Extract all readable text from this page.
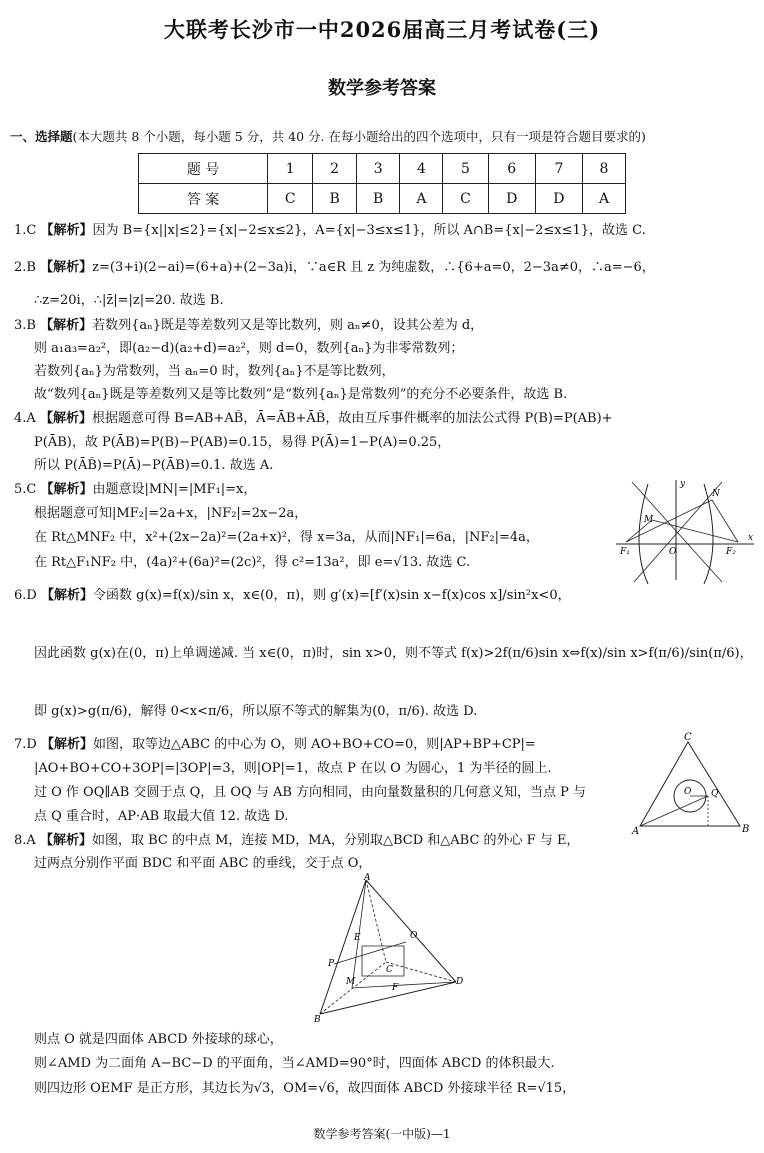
大联考长沙市一中2026届高三月考试卷(三)
数学参考答案
一、选择题(本大题共 8 个小题，每小题 5 分，共 40 分. 在每小题给出的四个选项中，只有一项是符合题目要求的)
题 号	1	2	3	4	5	6	7	8
答 案	C	B	B	A	C	D	D	A
1.C 【解析】因为 B={x||x|≤2}={x|−2≤x≤2}，A={x|−3≤x≤1}，所以 A∩B={x|−2≤x≤1}，故选 C.
2.B 【解析】z=(3+i)(2−ai)=(6+a)+(2−3a)i，∵a∈R 且 z 为纯虚数，∴{6+a=0，2−3a≠0，∴a=−6，
∴z=20i，∴|z̄|=|z|=20. 故选 B.
3.B 【解析】若数列{aₙ}既是等差数列又是等比数列，则 aₙ≠0，设其公差为 d，
则 a₁a₃=a₂²，即(a₂−d)(a₂+d)=a₂²，则 d=0，数列{aₙ}为非零常数列；
若数列{aₙ}为常数列，当 aₙ=0 时，数列{aₙ}不是等比数列，
故“数列{aₙ}既是等差数列又是等比数列”是“数列{aₙ}是常数列”的充分不必要条件，故选 B.
4.A 【解析】根据题意可得 B=AB+AB̄，Ā=ĀB+ĀB̄，故由互斥事件概率的加法公式得 P(B)=P(AB)+
P(ĀB)，故 P(ĀB)=P(B)−P(AB)=0.15，易得 P(Ā)=1−P(A)=0.25，
所以 P(ĀB̄)=P(Ā)−P(ĀB)=0.1. 故选 A.
5.C 【解析】由题意设|MN|=|MF₁|=x，
根据题意可知|MF₂|=2a+x，|NF₂|=2x−2a，
在 Rt△MNF₂ 中，x²+(2x−2a)²=(2a+x)²，得 x=3a，从而|NF₁|=6a，|NF₂|=4a，
在 Rt△F₁NF₂ 中，(4a)²+(6a)²=(2c)²，得 c²=13a²，即 e=√13. 故选 C.
y
N
M
O
F₁	F₂
x
6.D 【解析】令函数 g(x)=f(x)/sin x，x∈(0，π)，则 g′(x)=[f′(x)sin x−f(x)cos x]/sin²x<0，
因此函数 g(x)在(0，π)上单调递减. 当 x∈(0，π)时，sin x>0，则不等式 f(x)>2f(π/6)sin x⇔f(x)/sin x>f(π/6)/sin(π/6)，
即 g(x)>g(π/6)，解得 0<x<π/6，所以原不等式的解集为(0，π/6). 故选 D.
7.D 【解析】如图，取等边△ABC 的中心为 O，则 AO+BO+CO=0，则|AP+BP+CP|=
|AO+BO+CO+3OP|=|3OP|=3，则|OP|=1，故点 P 在以 O 为圆心，1 为半径的圆上.
过 O 作 OQ∥AB 交圆于点 Q，且 OQ 与 AB 方向相同，由向量数量积的几何意义知，当点 P 与
点 Q 重合时，AP·AB 取最大值 12. 故选 D.
C
O Q
A	B
8.A 【解析】如图，取 BC 的中点 M，连接 MD，MA，分别取△BCD 和△ABC 的外心 F 与 E，
过两点分别作平面 BDC 和平面 ABC 的垂线，交于点 O，
A
O
E
P
C
M
F
D
B
则点 O 就是四面体 ABCD 外接球的球心，
则∠AMD 为二面角 A−BC−D 的平面角，当∠AMD=90°时，四面体 ABCD 的体积最大.
则四边形 OEMF 是正方形，其边长为√3，OM=√6，故四面体 ABCD 外接球半径 R=√15，
数学参考答案(一中版)—1
